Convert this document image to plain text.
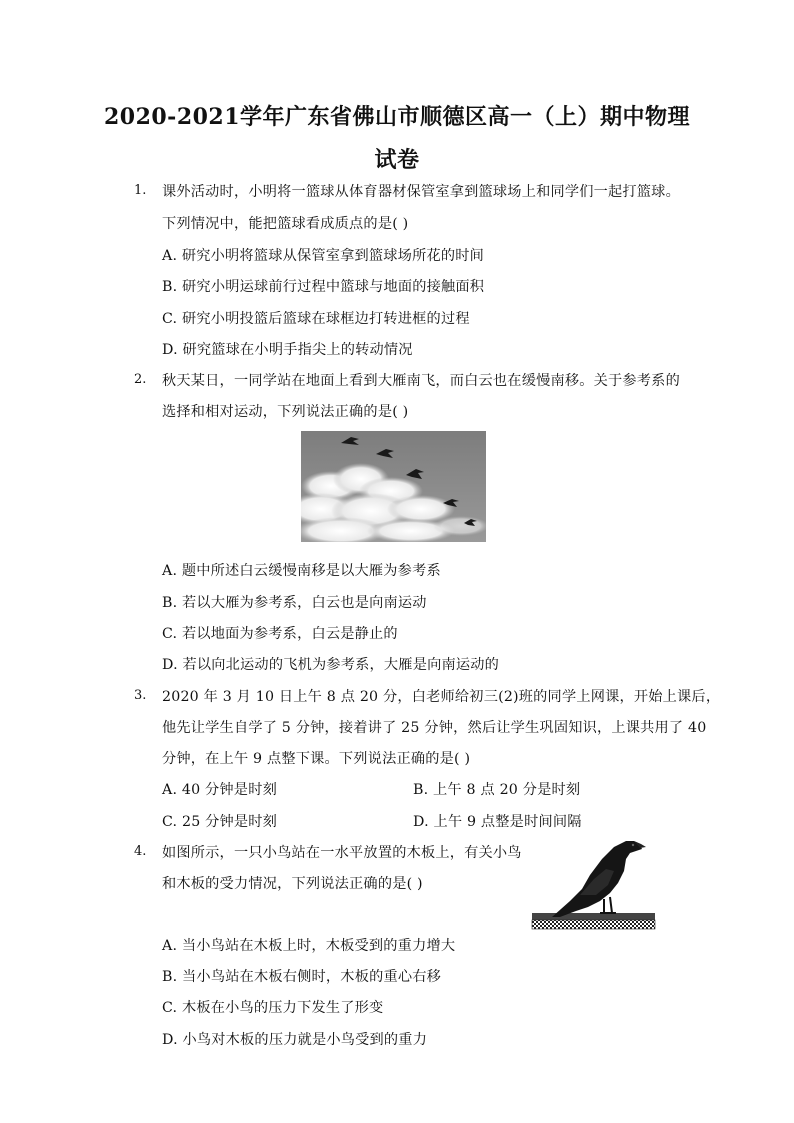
2020-2021学年广东省佛山市顺德区高一（上）期中物理
试卷
1. 课外活动时，小明将一篮球从体育器材保管室拿到篮球场上和同学们一起打篮球。
下列情况中，能把篮球看成质点的是( )
A. 研究小明将篮球从保管室拿到篮球场所花的时间
B. 研究小明运球前行过程中篮球与地面的接触面积
C. 研究小明投篮后篮球在球框边打转进框的过程
D. 研究篮球在小明手指尖上的转动情况
2. 秋天某日，一同学站在地面上看到大雁南飞，而白云也在缓慢南移。关于参考系的
选择和相对运动，下列说法正确的是( )
A. 题中所述白云缓慢南移是以大雁为参考系
B. 若以大雁为参考系，白云也是向南运动
C. 若以地面为参考系，白云是静止的
D. 若以向北运动的飞机为参考系，大雁是向南运动的
3. 2020 年 3 月 10 日上午 8 点 20 分，白老师给初三(2)班的同学上网课，开始上课后，
他先让学生自学了 5 分钟，接着讲了 25 分钟，然后让学生巩固知识，上课共用了 40
分钟，在上午 9 点整下课。下列说法正确的是( )
A. 40 分钟是时刻	B. 上午 8 点 20 分是时刻
C. 25 分钟是时刻	D. 上午 9 点整是时间间隔
4. 如图所示，一只小鸟站在一水平放置的木板上，有关小鸟
和木板的受力情况，下列说法正确的是( )
A. 当小鸟站在木板上时，木板受到的重力增大
B. 当小鸟站在木板右侧时，木板的重心右移
C. 木板在小鸟的压力下发生了形变
D. 小鸟对木板的压力就是小鸟受到的重力
